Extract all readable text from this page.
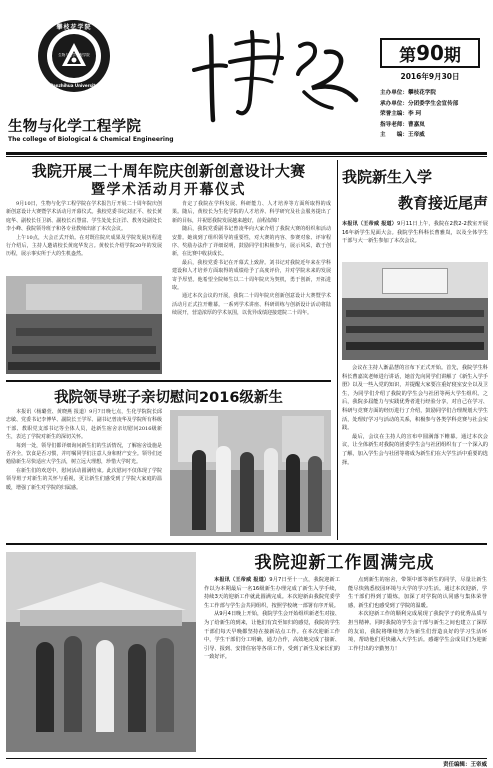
攀枝花学院
生物与化学工程学院
Panzhihua University
生物与化学工程学院
The college of Biological & Chemical Engineering
第 90 期
2016年9月30日
主办单位：攀枝花学院
承办单位：分团委学生会宣传部
荣誉主编：李 珂
指导老师：曹嘉岚
主　　编：王帝威
我院开展二十周年院庆创新创意设计大赛
暨学术活动月开幕仪式

9月10日，生物与化学工程学院在学术报告厅开展二十周年院庆创新创意设计大赛暨学术活动月开幕仪式。我校党委书记刘正平、校长黄庭华、副校长任卫新、副校长石慧富、学生处处长汪洋、教务处副处长李小峰、我院领导班子和各专业教师出席了本次会议。

上午10点，大会正式开始。在对既往院庆成果及学院发展历程进行介绍后，主持人邀请校长黄庭华发言。黄校长介绍学院20年的发展历程，展示事实所于大的生机盎然。

肯定了我院在学科发展、科研能力、人才培养等方面所取得的成果。随后，黄校长为生化学院的人才培养、科学研究及社会服务提出了新的目标，并祝愿我院发展越来越好，前程似锦！

随后，我院党委副书记曾凌华向大家介绍了我院大赛的组织和活动安排。她谈到了组织领导的重要性，对大赛的内容、参赛对象、评审程序、奖励办法作了详细说明，鼓励同学们积极参与，展示风采，敢于创新，在比赛中收获成长。

最后，我校党委书记在开幕式上致辞。刘书记对我院近年来在学科建设和人才培养方面取得的成绩给予了高度评价，并对学院未来的发展寄予厚望。他希望全院师生以二十周年院庆为契机，勇于创新，开拓进取。

通过本次会议的开展，我院二十周年院庆创新创意设计大赛暨学术活动月正式拉开帷幕。一系列学术讲座、科研训练与创新设计活动将陆续展开，营造浓厚的学术氛围，以优异成绩迎接建院二十周年。

我院领导班子亲切慰问2016级新生

本报讯（杨璐萱、黄晓燕 报道）9月7日晚七点，生化学院院长邱忠敏、党委书记李博华、副院长王学军、副书记曾凌华及学院所有科级干部、教职党支部书记等全体人员，赴新生宿舍亲切慰问2016级新生，表达了学院对新生的深切关怀。

每到一处，领导们都详细询问新生们的生活情况，了解宿舍设施是否齐全，饮食是否习惯，并叮嘱同学们注意人身和财产安全。领导们还勉励新生尽快适应大学生活，树立远大理想，珍惜大学时光。

在新生们的欢送中，慰问活动圆满结束。此次慰问不仅体现了学院领导班子对新生的关怀与重视，更让新生们感受到了学院大家庭的温暖，增强了新生对学院的归属感。

我院新生入学
教育接近尾声
本报讯（王帝威 报道）9月11日上午，我院在2教2-2教室开展16年新学生见面大会。我院学生科科长曹雅岚，以及全体学生干部与大一新生参加了本次会议。

会议在主持人渐晶慧的宣布下正式开始。首先，我院学生科科长曹嘉岚老师进行讲话，她首先向同学们讲解了《新生入学手册》以及一些入党的知识，并提醒大家要注重好寝室安全以及卫生，为同学们介绍了我院的学生会与社团等两大学生组织。之后，我院多届能力与实践优秀者进行经验分享，对自己在学习、科研与竞赛方面的经历进行了介绍，鼓励同学们合理规划大学生活，处理好学习与活动的关系，积极参与各类学科竞赛与社会实践。

最后，会议在主持人的宣布中圆满落下帷幕。通过本次会议，让全体新生对我院的团委学生会与社团组织有了一个深入的了解，加入学生会与社团等将成为新生们在大学生活中重要的选择。

我院迎新工作圆满完成

本报讯（王帝威 报道）9月7日至十一点，我院迎新工作以为本期最后一名16级新生办理完成了新生入学手续，持续3天的迎新工作就此圆满完成。本次迎新由我院党委学生工作部与学生会共同组织，按照学校统一部署有序开展。

从9月4日晚上开始，我院学生会开始组织新老生对接、为了给新生的到来，让他们有宾至如归的感觉，我院的学生干部们每天早晚都坚持在接新站点工作。在本次迎新工作中，学生干部们分工明确，通力合作，高效地完成了接新、引导、报到、安排住宿等各项工作，受到了新生及家长们的一致好评。

点到新生的宿舍，带领中部等新生的同学，尽量让新生能尽快熟悉校园环境与大学的学习生活。通过本次迎新，学生干部们得到了锻炼，加深了对学院的认同感与集体荣誉感，新生们也感受到了学院的温暖。

本次迎新工作的顺利完成展现了我院学子的优秀品质与担当精神。同时我院的学生会干部与新生之间也建立了深厚的友谊，我院将继续努力为新生们营造良好的学习生活环境，帮助他们更快融入大学生活。感谢学生会成员们为迎新工作付出的辛勤努力！

责任编辑：王帝威
